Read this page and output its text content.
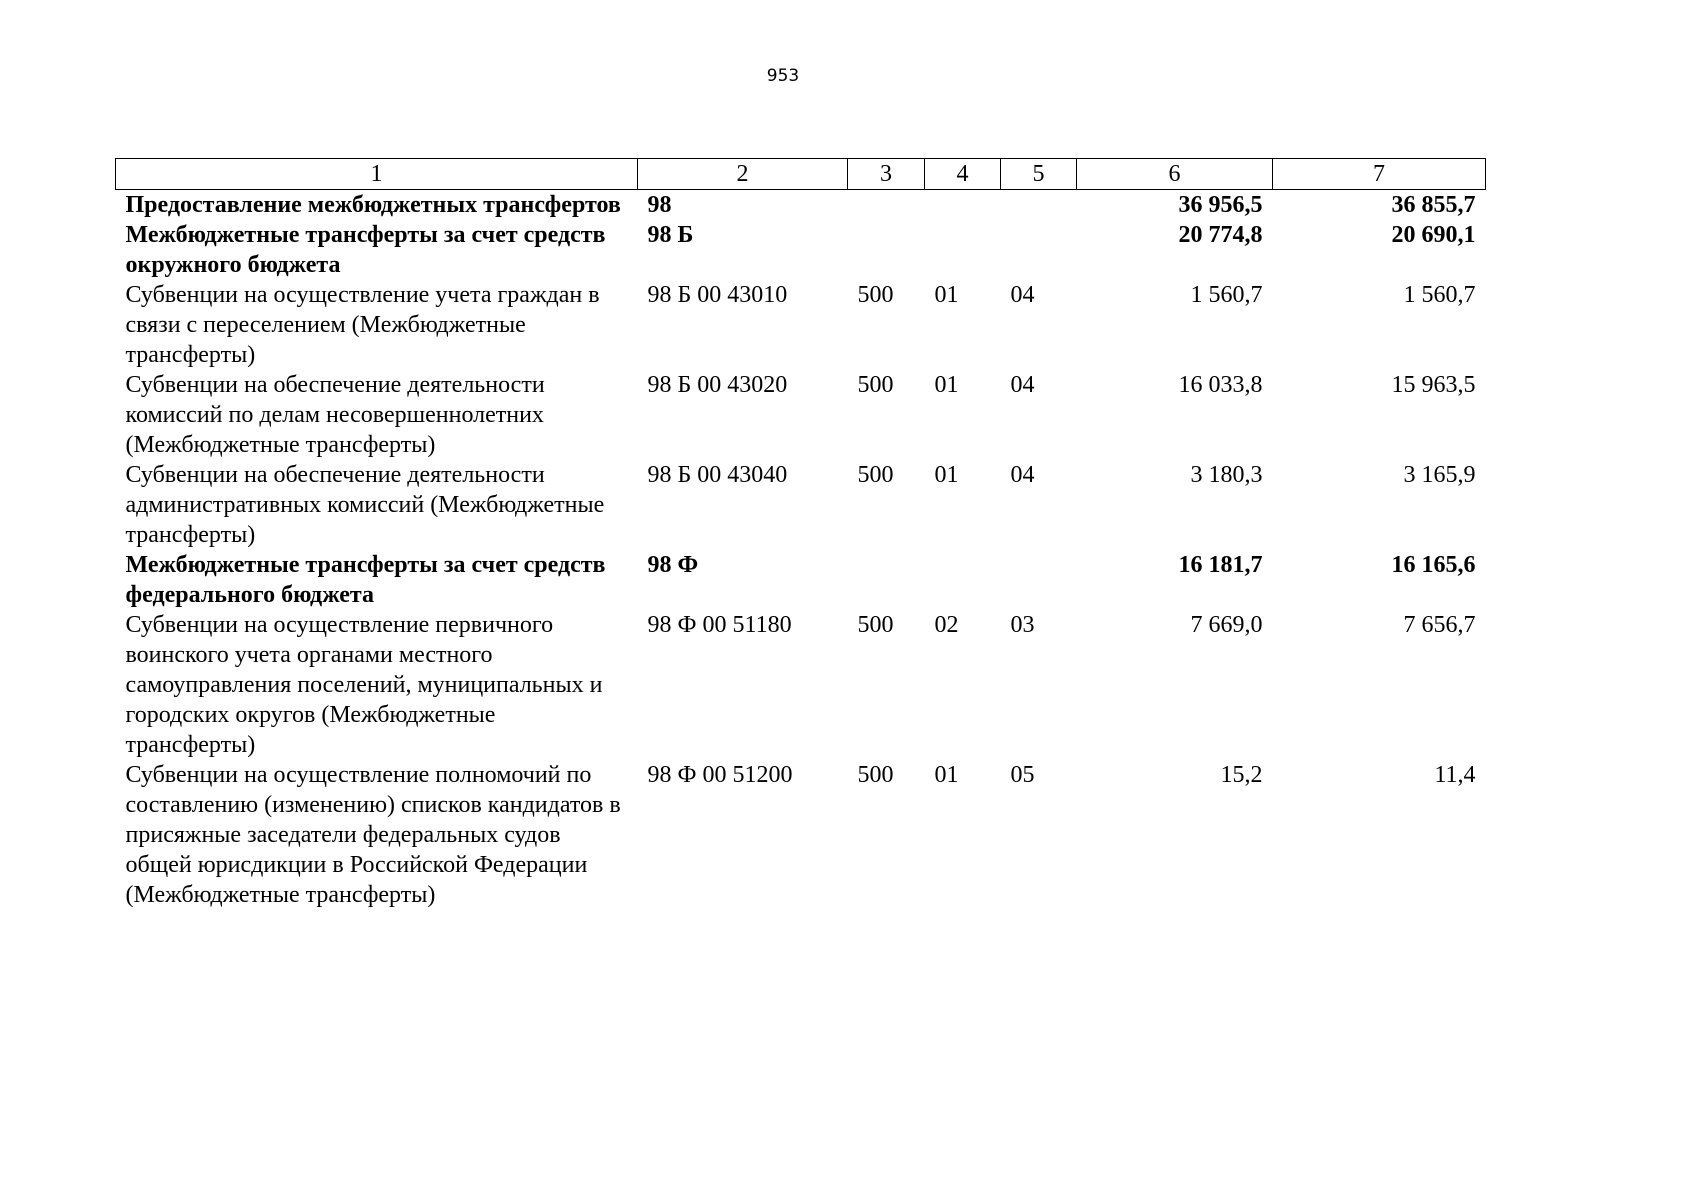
953
1	2	3	4	5	6	7
Предоставление межбюджетных трансфертов	98				36 956,5	36 855,7
Межбюджетные трансферты за счет средств окружного бюджета	98 Б				20 774,8	20 690,1
Субвенции на осуществление учета граждан в связи с переселением (Межбюджетные трансферты)	98 Б 00 43010	500	01	04	1 560,7	1 560,7
Субвенции на обеспечение деятельности комиссий по делам несовершеннолетних (Межбюджетные трансферты)	98 Б 00 43020	500	01	04	16 033,8	15 963,5
Субвенции на обеспечение деятельности административных комиссий (Межбюджетные трансферты)	98 Б 00 43040	500	01	04	3 180,3	3 165,9
Межбюджетные трансферты за счет средств федерального бюджета	98 Ф				16 181,7	16 165,6
Субвенции на осуществление первичного воинского учета органами местного самоуправления поселений, муниципальных и городских округов (Межбюджетные трансферты)	98 Ф 00 51180	500	02	03	7 669,0	7 656,7
Субвенции на осуществление полномочий по составлению (изменению) списков кандидатов в присяжные заседатели федеральных судов общей юрисдикции в Российской Федерации (Межбюджетные трансферты)	98 Ф 00 51200	500	01	05	15,2	11,4
